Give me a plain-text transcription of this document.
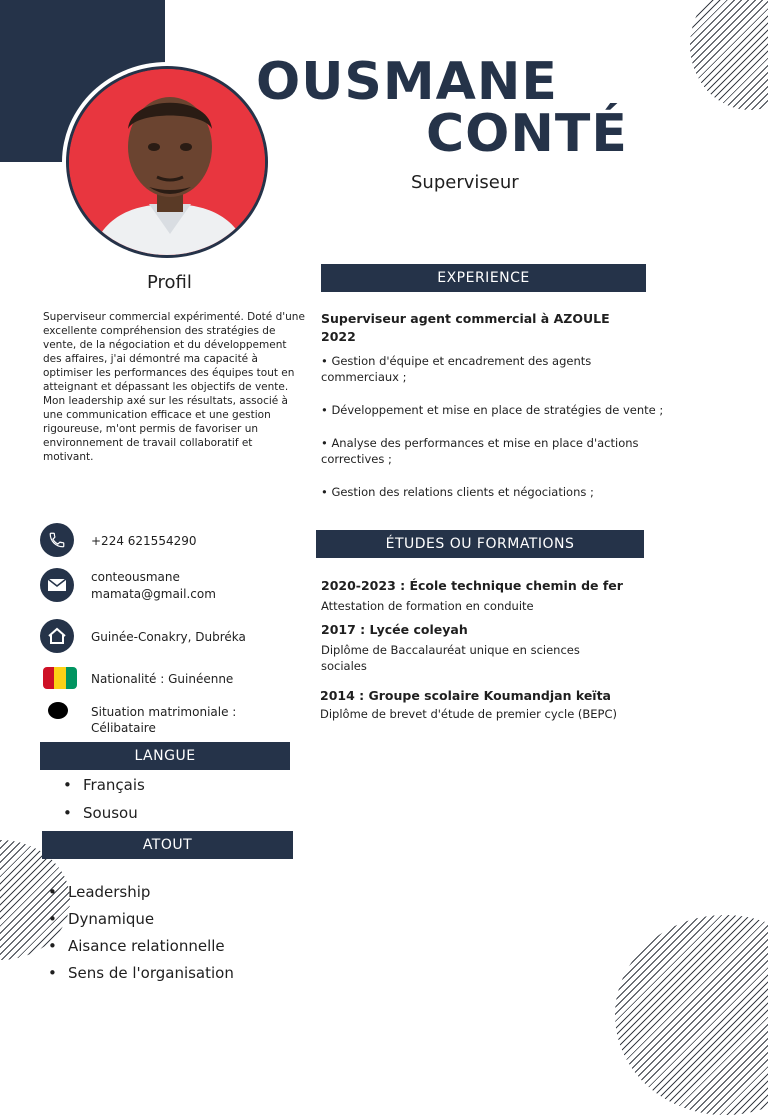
OUSMANE
CONTÉ
Superviseur
Profil
Superviseur commercial expérimenté. Doté d'une excellente compréhension des stratégies de vente, de la négociation et du développement des affaires, j'ai démontré ma capacité à optimiser les performances des équipes tout en atteignant et dépassant les objectifs de vente. Mon leadership axé sur les résultats, associé à une communication efficace et une gestion rigoureuse, m'ont permis de favoriser un environnement de travail collaboratif et motivant.
+224 621554290
conteousmane
mamata@gmail.com
Guinée-Conakry, Dubréka
Nationalité : Guinéenne
Situation matrimoniale :
Célibataire
LANGUE
• Français
• Sousou
ATOUT
• Leadership
• Dynamique
• Aisance relationnelle
• Sens de l'organisation
EXPERIENCE
Superviseur agent commercial à AZOULE
2022
• Gestion d'équipe et encadrement des agents commerciaux ;
• Développement et mise en place de stratégies de vente ;
• Analyse des performances et mise en place d'actions correctives ;
• Gestion des relations clients et négociations ;
ÉTUDES OU FORMATIONS
2020-2023 : École technique chemin de fer
Attestation de formation en conduite
2017 : Lycée coleyah
Diplôme de Baccalauréat unique en sciences sociales
2014 : Groupe scolaire Koumandjan keïta
Diplôme de brevet d'étude de premier cycle (BEPC)
